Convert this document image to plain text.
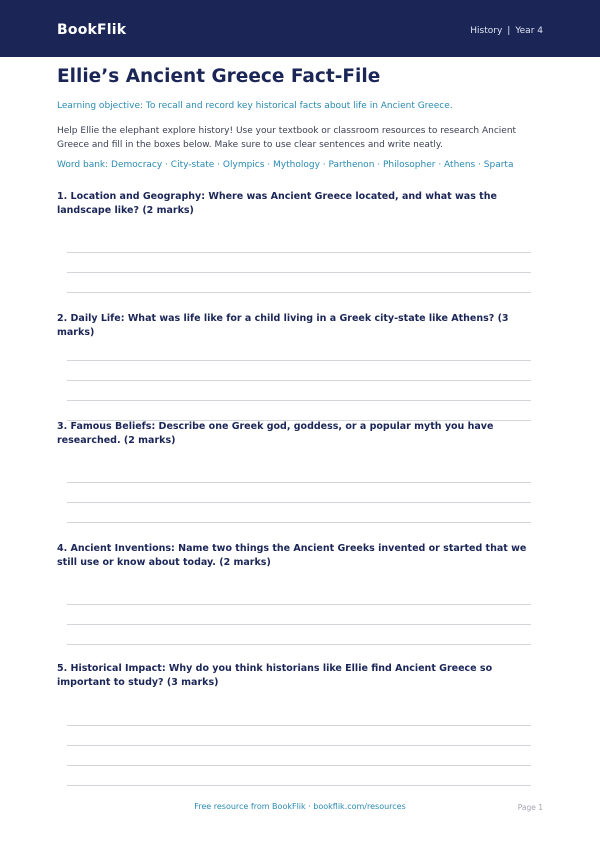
BookFlik	History | Year 4
Ellie’s Ancient Greece Fact-File
Learning objective: To recall and record key historical facts about life in Ancient Greece.
Help Ellie the elephant explore history! Use your textbook or classroom resources to research Ancient Greece and fill in the boxes below. Make sure to use clear sentences and write neatly.
Word bank: Democracy · City-state · Olympics · Mythology · Parthenon · Philosopher · Athens · Sparta
1. Location and Geography: Where was Ancient Greece located, and what was the landscape like? (2 marks)
2. Daily Life: What was life like for a child living in a Greek city-state like Athens? (3 marks)
3. Famous Beliefs: Describe one Greek god, goddess, or a popular myth you have researched. (2 marks)
4. Ancient Inventions: Name two things the Ancient Greeks invented or started that we still use or know about today. (2 marks)
5. Historical Impact: Why do you think historians like Ellie find Ancient Greece so important to study? (3 marks)
Free resource from BookFlik · bookflik.com/resources	Page 1
